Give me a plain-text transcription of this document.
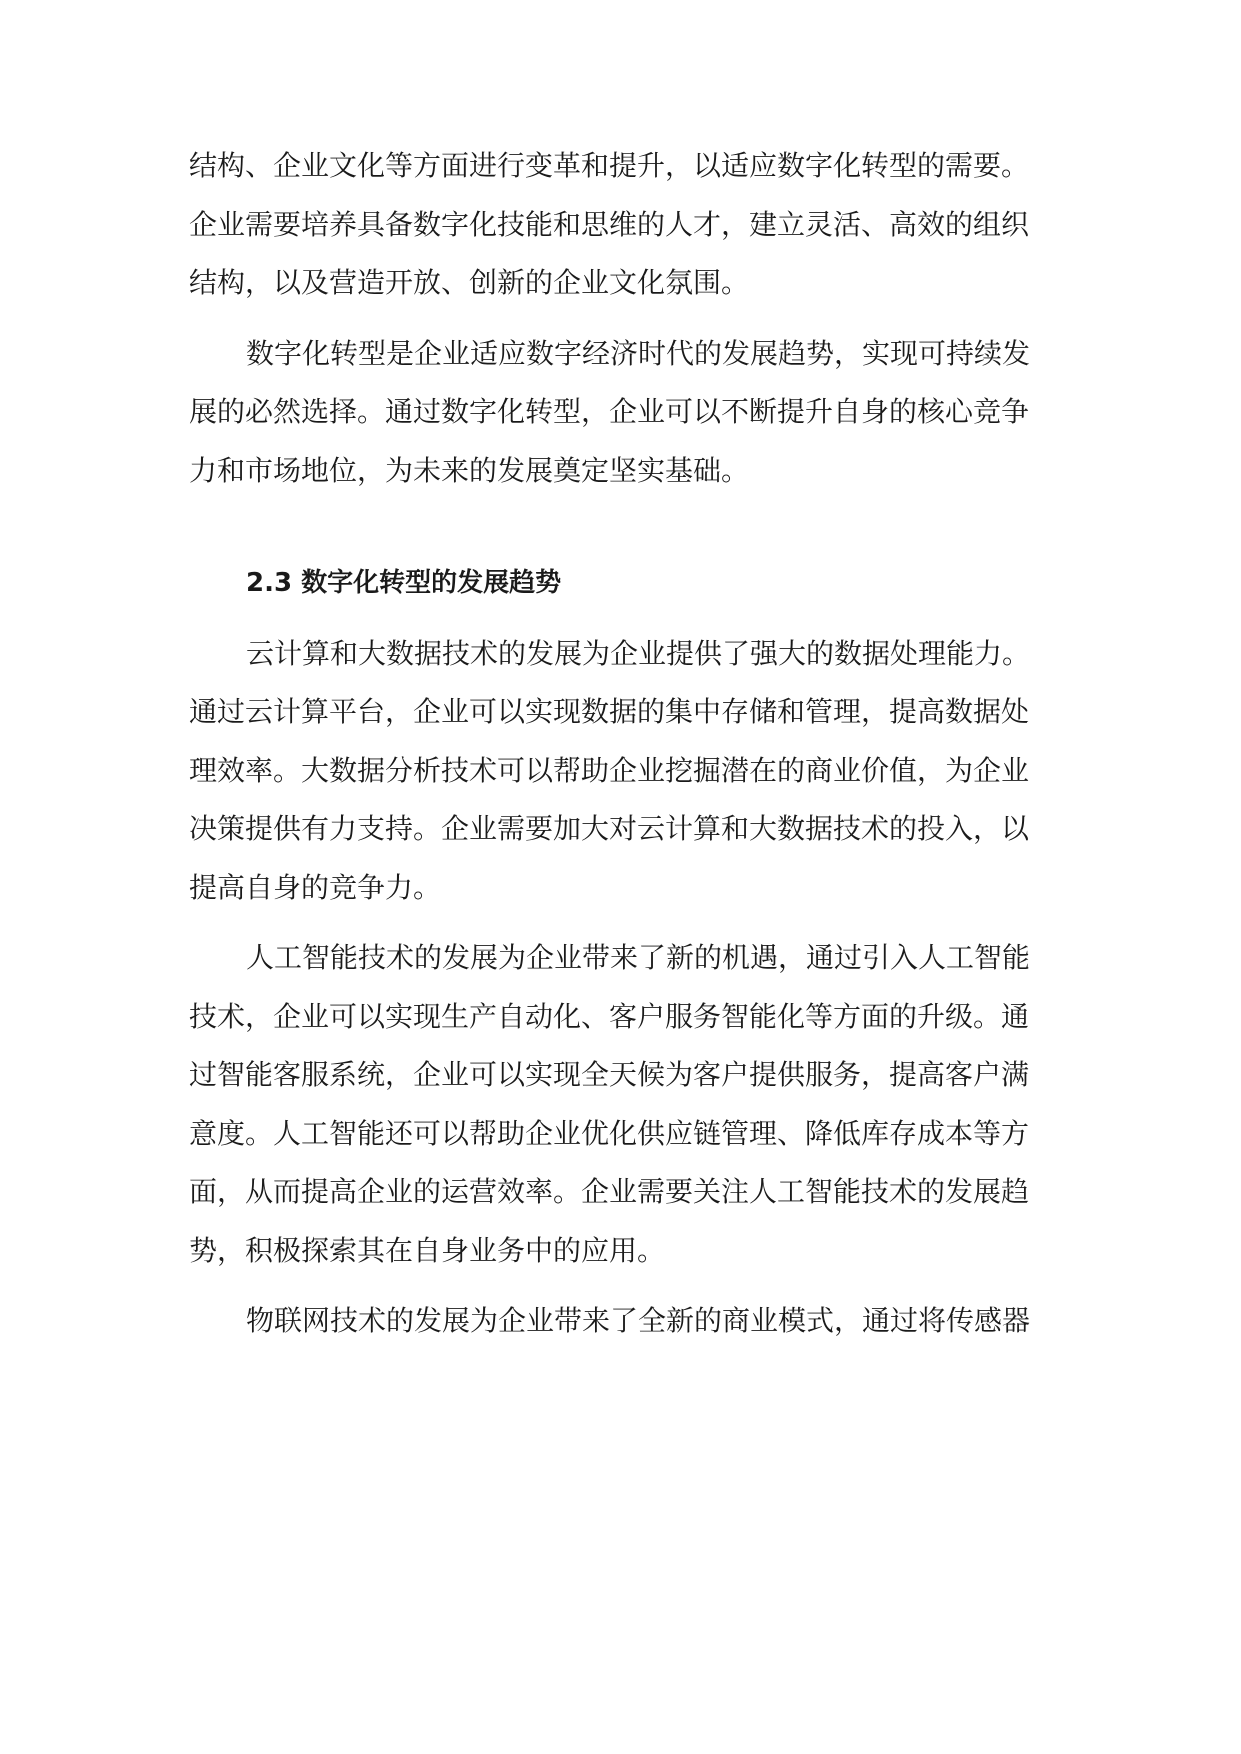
结构、企业文化等方面进行变革和提升，以适应数字化转型的需要。
企业需要培养具备数字化技能和思维的人才，建立灵活、高效的组织
结构，以及营造开放、创新的企业文化氛围。
数字化转型是企业适应数字经济时代的发展趋势，实现可持续发
展的必然选择。通过数字化转型，企业可以不断提升自身的核心竞争
力和市场地位，为未来的发展奠定坚实基础。
2.3 数字化转型的发展趋势
云计算和大数据技术的发展为企业提供了强大的数据处理能力。
通过云计算平台，企业可以实现数据的集中存储和管理，提高数据处
理效率。大数据分析技术可以帮助企业挖掘潜在的商业价值，为企业
决策提供有力支持。企业需要加大对云计算和大数据技术的投入，以
提高自身的竞争力。
人工智能技术的发展为企业带来了新的机遇，通过引入人工智能
技术，企业可以实现生产自动化、客户服务智能化等方面的升级。通
过智能客服系统，企业可以实现全天候为客户提供服务，提高客户满
意度。人工智能还可以帮助企业优化供应链管理、降低库存成本等方
面，从而提高企业的运营效率。企业需要关注人工智能技术的发展趋
势，积极探索其在自身业务中的应用。
物联网技术的发展为企业带来了全新的商业模式，通过将传感器
